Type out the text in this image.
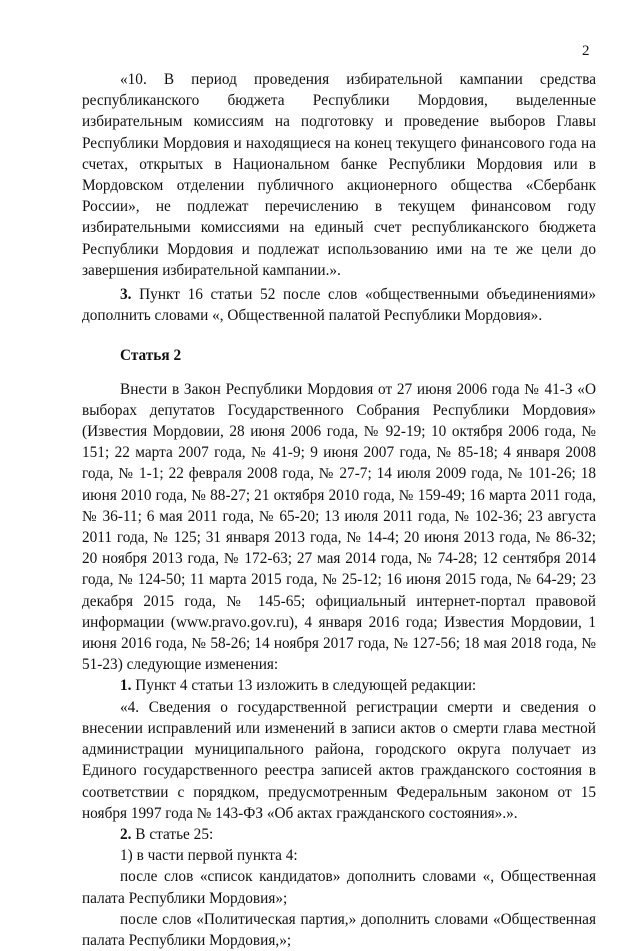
2

«10. В период проведения избирательной кампании средства республиканского бюджета Республики Мордовия, выделенные избирательным комиссиям на подготовку и проведение выборов Главы Республики Мордовия и находящиеся на конец текущего финансового года на счетах, открытых в Национальном банке Республики Мордовия или в Мордовском отделении публичного акционерного общества «Сбербанк России», не подлежат перечислению в текущем финансовом году избирательными комиссиями на единый счет республиканского бюджета Республики Мордовия и подлежат использованию ими на те же цели до завершения избирательной кампании.».

3. Пункт 16 статьи 52 после слов «общественными объединениями» дополнить словами «, Общественной палатой Республики Мордовия».

Статья 2

Внести в Закон Республики Мордовия от 27 июня 2006 года № 41-З «О выборах депутатов Государственного Собрания Республики Мордовия» (Известия Мордовии, 28 июня 2006 года, № 92-19; 10 октября 2006 года, № 151; 22 марта 2007 года, № 41-9; 9 июня 2007 года, № 85-18; 4 января 2008 года, № 1-1; 22 февраля 2008 года, № 27-7; 14 июля 2009 года, № 101-26; 18 июня 2010 года, № 88-27; 21 октября 2010 года, № 159-49; 16 марта 2011 года, № 36-11; 6 мая 2011 года, № 65-20; 13 июля 2011 года, № 102-36; 23 августа 2011 года, № 125; 31 января 2013 года, № 14-4; 20 июня 2013 года, № 86-32; 20 ноября 2013 года, № 172-63; 27 мая 2014 года, № 74-28; 12 сентября 2014 года, № 124-50; 11 марта 2015 года, № 25-12; 16 июня 2015 года, № 64-29; 23 декабря 2015 года, № 145-65; официальный интернет-портал правовой информации (www.pravo.gov.ru), 4 января 2016 года; Известия Мордовии, 1 июня 2016 года, № 58-26; 14 ноября 2017 года, № 127-56; 18 мая 2018 года, № 51-23) следующие изменения:

1. Пункт 4 статьи 13 изложить в следующей редакции:

«4. Сведения о государственной регистрации смерти и сведения о внесении исправлений или изменений в записи актов о смерти глава местной администрации муниципального района, городского округа получает из Единого государственного реестра записей актов гражданского состояния в соответствии с порядком, предусмотренным Федеральным законом от 15 ноября 1997 года № 143-ФЗ «Об актах гражданского состояния».».

2. В статье 25:

1) в части первой пункта 4:

после слов «список кандидатов» дополнить словами «, Общественная палата Республики Мордовия»;

после слов «Политическая партия,» дополнить словами «Общественная палата Республики Мордовия,»;
